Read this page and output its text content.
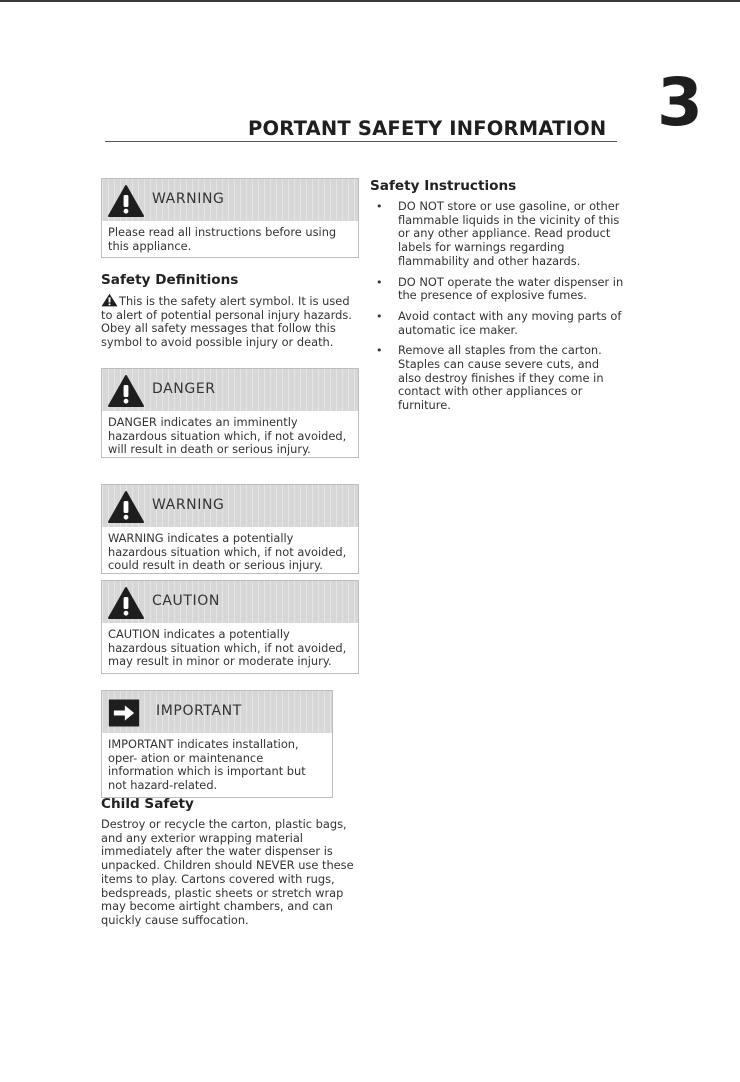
3
PORTANT SAFETY INFORMATION
WARNING
Please read all instructions before using this appliance.
Safety Definitions
This is the safety alert symbol. It is used to alert of potential personal injury hazards. Obey all safety messages that follow this symbol to avoid possible injury or death.
DANGER
DANGER indicates an imminently hazardous situation which, if not avoided, will result in death or serious injury.
WARNING
WARNING indicates a potentially hazardous situation which, if not avoided, could result in death or serious injury.
CAUTION
CAUTION indicates a potentially hazardous situation which, if not avoided, may result in minor or moderate injury.
IMPORTANT
IMPORTANT indicates installation, oper- ation or maintenance information which is important but not hazard-related.
Child Safety
Destroy or recycle the carton, plastic bags, and any exterior wrapping material immediately after the water dispenser is unpacked. Children should NEVER use these items to play. Cartons covered with rugs, bedspreads, plastic sheets or stretch wrap may become airtight chambers, and can quickly cause suffocation.
Safety Instructions
• DO NOT store or use gasoline, or other flammable liquids in the vicinity of this or any other appliance. Read product labels for warnings regarding flammability and other hazards.
• DO NOT operate the water dispenser in the presence of explosive fumes.
• Avoid contact with any moving parts of automatic ice maker.
• Remove all staples from the carton. Staples can cause severe cuts, and also destroy finishes if they come in contact with other appliances or furniture.
